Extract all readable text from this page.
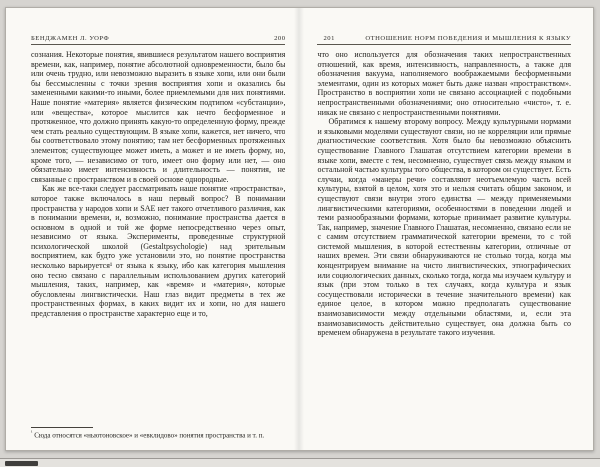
БЕНДЖАМЕН Л. УОРФ	200

сознания. Некоторые понятия, явившиеся результатом нашего восприятия времени, как, например, понятие абсолютной одновременности, было бы или очень трудно, или невозможно выразить в языке хопи, или они были бы бессмысленны с точки зрения восприятия хопи и оказались бы замененными какими-то иными, более приемлемыми для них понятиями. Наше понятие «материя» является физическим подтипом «субстанции», или «вещества», которое мыслится как нечто бесформенное и протяженное, что должно принять какую-то определенную форму, прежде чем стать реально существующим. В языке хопи, кажется, нет ничего, что бы соответствовало этому понятию; там нет бесформенных протяженных элементов; существующее может иметь, а может и не иметь форму, но, кроме того, — независимо от того, имеет оно форму или нет, — оно обязательно имеет интенсивность и длительность — понятия, не связанные с пространством и в своей основе однородные.

Как же все-таки следует рассматривать наше понятие «пространства», которое также включалось в наш первый вопрос? В понимании пространства у народов хопи и SAE нет такого отчетливого различия, как в понимании времени, и, возможно, понимание пространства дается в основном в одной и той же форме непосредственно через опыт, независимо от языка. Эксперименты, проведенные структурной психологической школой (Gestaltpsychologie) над зрительным восприятием, как будто уже установили это, но понятие пространства несколько варьируется¹ от языка к языку, ибо как категория мышления оно тесно связано с параллельным использованием других категорий мышления, таких, например, как «время» и «материя», которые обусловлены лингвистически. Наш глаз видит предметы в тех же пространственных формах, в каких видит их и хопи, но для нашего представления о пространстве характерно еще и то,

$^{^1}$ Сюда относятся «ньютоновское» и «евклидово» понятия пространства и т. п.

201	ОТНОШЕНИЕ НОРМ ПОВЕДЕНИЯ И МЫШЛЕНИЯ К ЯЗЫКУ

что оно используется для обозначения таких непространственных отношений, как время, интенсивность, направленность, а также для обозначения вакуума, наполняемого воображаемыми бесформенными элементами, один из которых может быть даже назван «пространством». Пространство в восприятии хопи не связано ассоциацией с подобными непространственными обозначениями; оно относительно «чисто», т. е. никак не связано с непространственными понятиями.

Обратимся к нашему второму вопросу. Между культурными нормами и языковыми моделями существуют связи, но не корреляции или прямые диагностические соответствия. Хотя было бы невозможно объяснить существование Главного Глашатая отсутствием категории времени в языке хопи, вместе с тем, несомненно, существует связь между языком и остальной частью культуры того общества, в котором он существует. Есть случаи, когда «манеры речи» составляют неотъемлемую часть всей культуры, взятой в целом, хотя это и нельзя считать общим законом, и существуют связи внутри этого единства — между применяемыми лингвистическими категориями, особенностями в поведении людей и теми разнообразными формами, которые принимает развитие культуры. Так, например, значение Главного Глашатая, несомненно, связано если не с самим отсутствием грамматической категории времени, то с той системой мышления, в которой естественны категории, отличные от наших времен. Эти связи обнаруживаются не столько тогда, когда мы концентрируем внимание на чисто лингвистических, этнографических или социологических данных, сколько тогда, когда мы изучаем культуру и язык (при этом только в тех случаях, когда культура и язык сосуществовали исторически в течение значительного времени) как единое целое, в котором можно предполагать существование взаимозависимости между отдельными областями, и, если эта взаимозависимость действительно существует, она должна быть со временем обнаружена в результате такого изучения.
